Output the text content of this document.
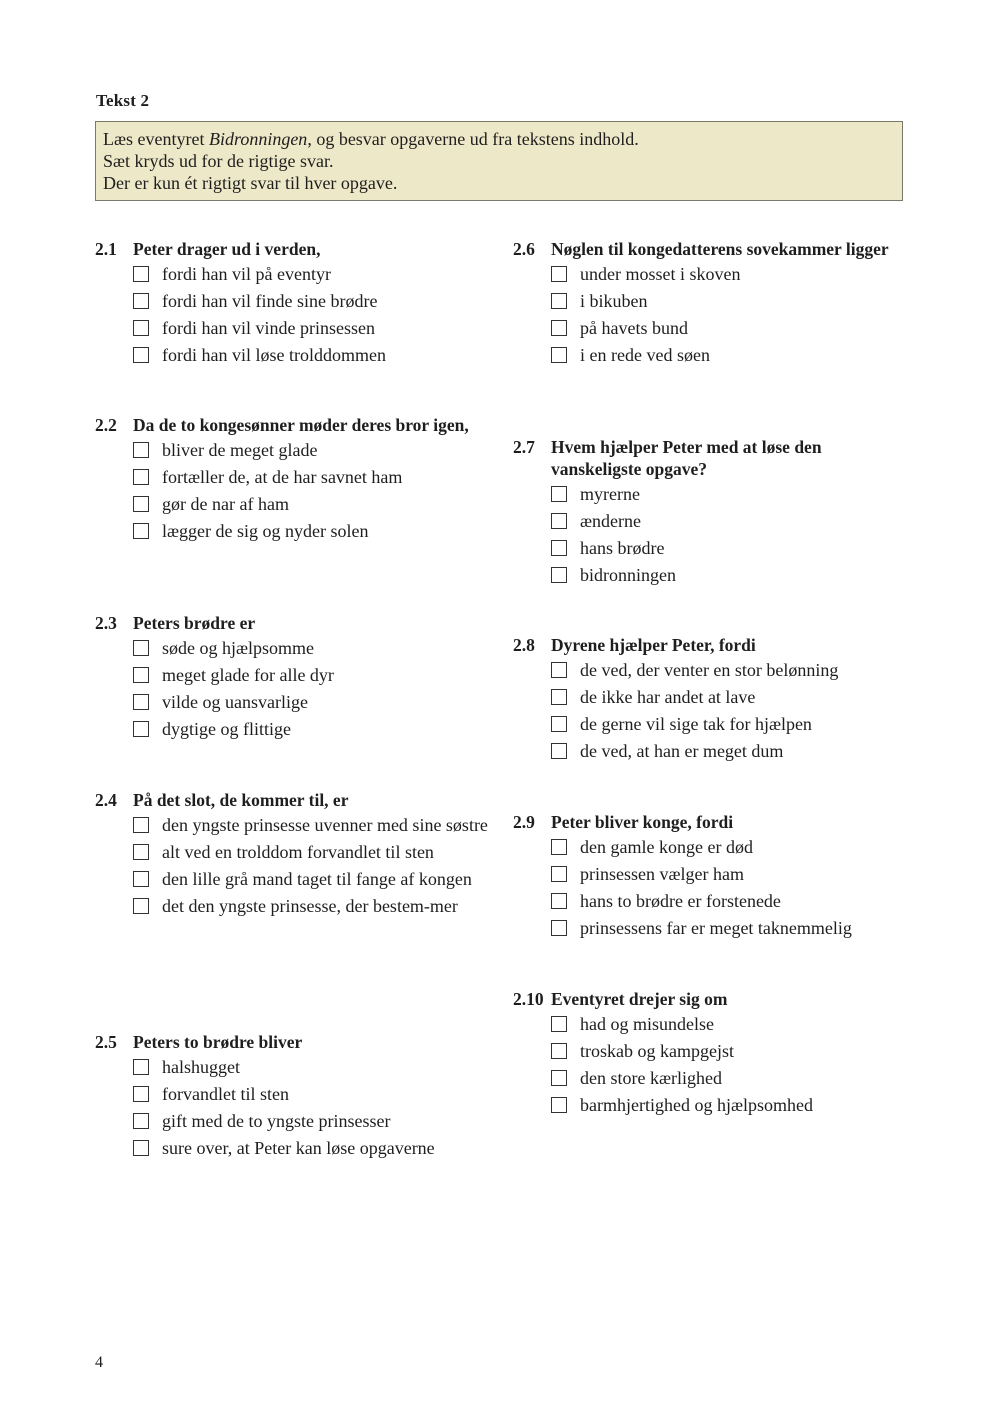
Tekst 2
Læs eventyret Bidronningen, og besvar opgaverne ud fra tekstens indhold.
Sæt kryds ud for de rigtige svar.
Der er kun ét rigtigt svar til hver opgave.
2.1 Peter drager ud i verden,
fordi han vil på eventyr
fordi han vil finde sine brødre
fordi han vil vinde prinsessen
fordi han vil løse trolddommen
2.2 Da de to kongesønner møder deres bror igen,
bliver de meget glade
fortæller de, at de har savnet ham
gør de nar af ham
lægger de sig og nyder solen
2.3 Peters brødre er
søde og hjælpsomme
meget glade for alle dyr
vilde og uansvarlige
dygtige og flittige
2.4 På det slot, de kommer til, er
den yngste prinsesse uvenner med sine søstre
alt ved en trolddom forvandlet til sten
den lille grå mand taget til fange af kongen
det den yngste prinsesse, der bestem-mer
2.5 Peters to brødre bliver
halshugget
forvandlet til sten
gift med de to yngste prinsesser
sure over, at Peter kan løse opgaverne
2.6 Nøglen til kongedatterens sovekammer ligger
under mosset i skoven
i bikuben
på havets bund
i en rede ved søen
2.7 Hvem hjælper Peter med at løse den vanskeligste opgave?
myrerne
ænderne
hans brødre
bidronningen
2.8 Dyrene hjælper Peter, fordi
de ved, der venter en stor belønning
de ikke har andet at lave
de gerne vil sige tak for hjælpen
de ved, at han er meget dum
2.9 Peter bliver konge, fordi
den gamle konge er død
prinsessen vælger ham
hans to brødre er forstenede
prinsessens far er meget taknemmelig
2.10 Eventyret drejer sig om
had og misundelse
troskab og kampgejst
den store kærlighed
barmhjertighed og hjælpsomhed
4
